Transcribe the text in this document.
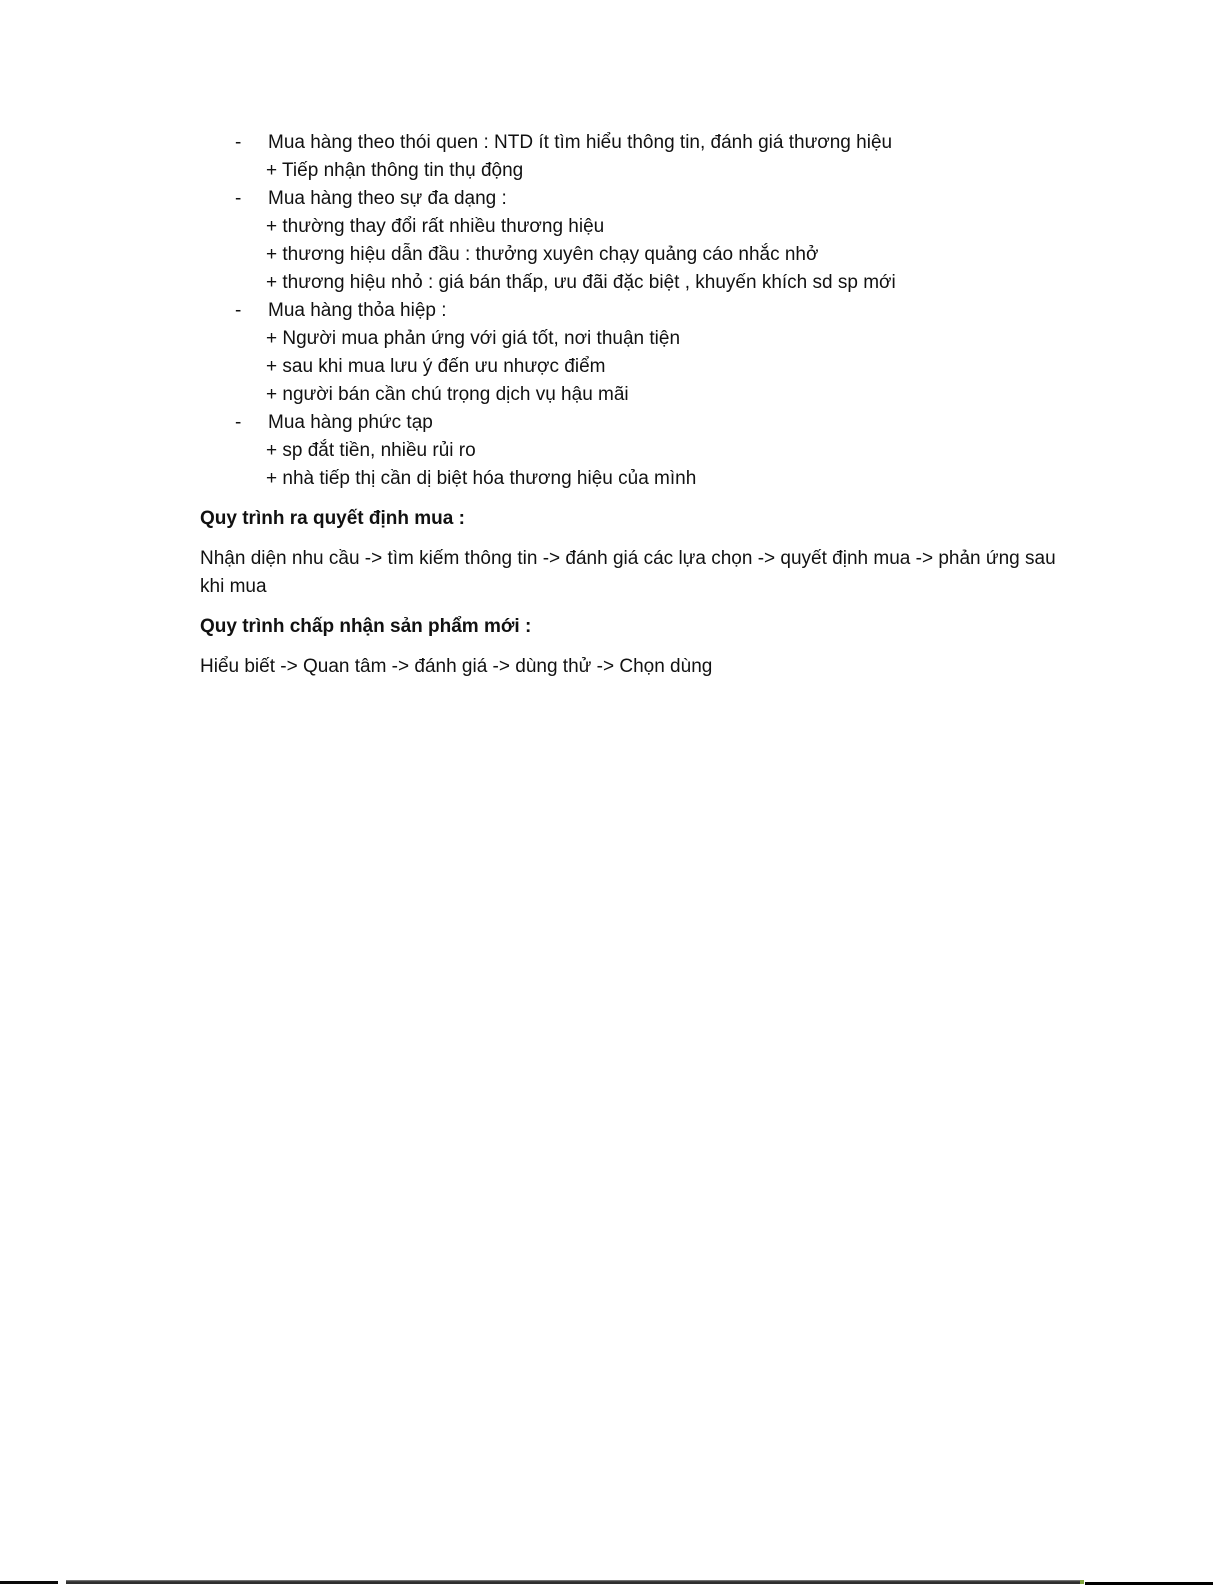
- Mua hàng theo thói quen : NTD ít tìm hiểu thông tin, đánh giá thương hiệu
+ Tiếp nhận thông tin thụ động
- Mua hàng theo sự đa dạng :
+ thường thay đổi rất nhiều thương hiệu
+ thương hiệu dẫn đầu : thưởng xuyên chạy quảng cáo nhắc nhở
+ thương hiệu nhỏ : giá bán thấp, ưu đãi đặc biệt , khuyến khích sd sp mới
- Mua hàng thỏa hiệp :
+ Người mua phản ứng với giá tốt, nơi thuận tiện
+ sau khi mua lưu ý đến ưu nhược điểm
+ người bán cần chú trọng dịch vụ hậu mãi
- Mua hàng phức tạp
+ sp đắt tiền, nhiều rủi ro
+ nhà tiếp thị cần dị biệt hóa thương hiệu của mình
Quy trình ra quyết định mua :
Nhận diện nhu cầu -> tìm kiếm thông tin -> đánh giá các lựa chọn -> quyết định mua -> phản ứng sau
khi mua
Quy trình chấp nhận sản phẩm mới :
Hiểu biết -> Quan tâm -> đánh giá -> dùng thử -> Chọn dùng
